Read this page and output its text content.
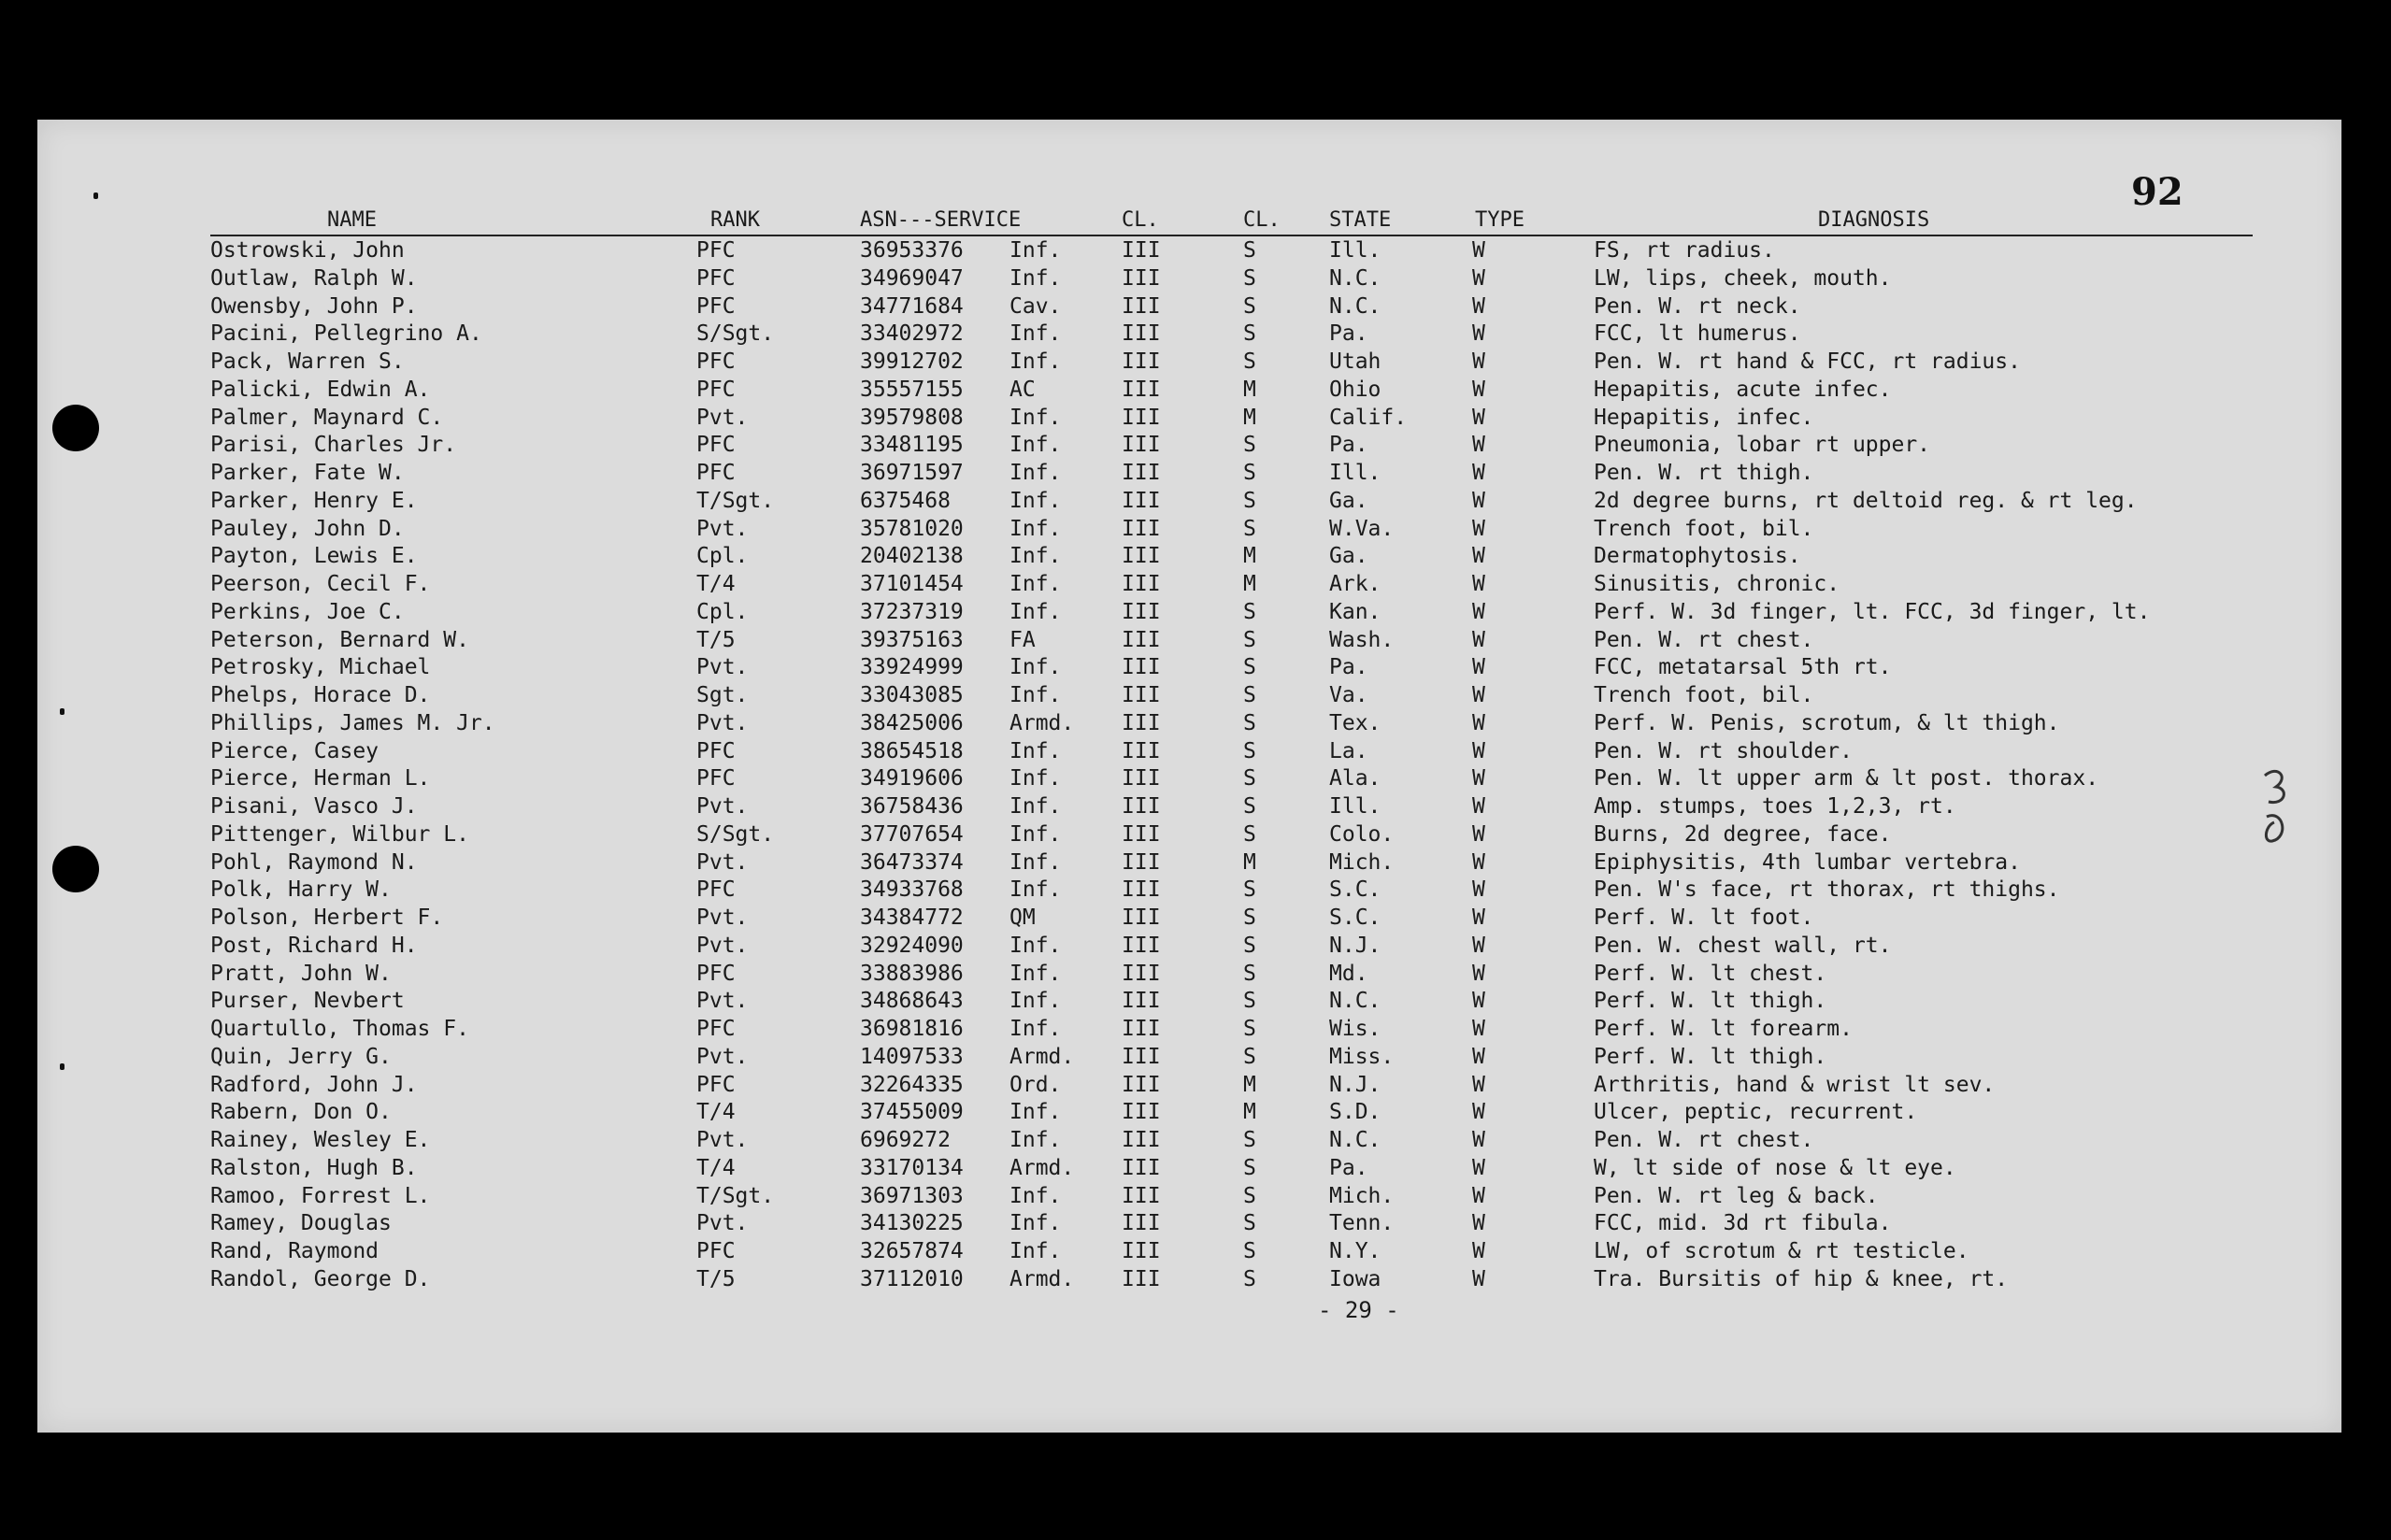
92
NAME	RANK	ASN---SERVICE	CL.	CL. STATE	TYPE	DIAGNOSIS
Ostrowski, John	PFC	36953376 Inf.	III	S	Ill.	W	FS, rt radius.
Outlaw, Ralph W.	PFC	34969047 Inf.	III	S	N.C.	W	LW, lips, cheek, mouth.
Owensby, John P.	PFC	34771684 Cav.	III	S	N.C.	W	Pen. W. rt neck.
Pacini, Pellegrino A.	S/Sgt.	33402972 Inf.	III	S	Pa.	W	FCC, lt humerus.
Pack, Warren S.	PFC	39912702 Inf.	III	S	Utah	W	Pen. W. rt hand & FCC, rt radius.
Palicki, Edwin A.	PFC	35557155 AC	III	M	Ohio	W	Hepapitis, acute infec.
Palmer, Maynard C.	Pvt.	39579808 Inf.	III	M	Calif.	W	Hepapitis, infec.
Parisi, Charles Jr.	PFC	33481195 Inf.	III	S	Pa.	W	Pneumonia, lobar rt upper.
Parker, Fate W.	PFC	36971597 Inf.	III	S	Ill.	W	Pen. W. rt thigh.
Parker, Henry E.	T/Sgt.	6375468	Inf.	III	S	Ga.	W	2d degree burns, rt deltoid reg. & rt leg.
Pauley, John D.	Pvt.	35781020 Inf.	III	S	W.Va.	W	Trench foot, bil.
Payton, Lewis E.	Cpl.	20402138 Inf.	III	M	Ga.	W	Dermatophytosis.
Peerson, Cecil F.	T/4	37101454 Inf.	III	M	Ark.	W	Sinusitis, chronic.
Perkins, Joe C.	Cpl.	37237319 Inf.	III	S	Kan.	W	Perf. W. 3d finger, lt. FCC, 3d finger, lt.
Peterson, Bernard W.	T/5	39375163 FA	III	S	Wash.	W	Pen. W. rt chest.
Petrosky, Michael	Pvt.	33924999 Inf.	III	S	Pa.	W	FCC, metatarsal 5th rt.
Phelps, Horace D.	Sgt.	33043085 Inf.	III	S	Va.	W	Trench foot, bil.
Phillips, James M. Jr.	Pvt.	38425006 Armd. III	S	Tex.	W	Perf. W. Penis, scrotum, & lt thigh.
Pierce, Casey	PFC	38654518 Inf.	III	S	La.	W	Pen. W. rt shoulder.
Pierce, Herman L.	PFC	34919606 Inf.	III	S	Ala.	W	Pen. W. lt upper arm & lt post. thorax.
Pisani, Vasco J.	Pvt.	36758436 Inf.	III	S	Ill.	W	Amp. stumps, toes 1,2,3, rt.
Pittenger, Wilbur L.	S/Sgt.	37707654 Inf.	III	S	Colo.	W	Burns, 2d degree, face.
Pohl, Raymond N.	Pvt.	36473374 Inf.	III	M	Mich.	W	Epiphysitis, 4th lumbar vertebra.
Polk, Harry W.	PFC	34933768 Inf.	III	S	S.C.	W	Pen. W's face, rt thorax, rt thighs.
Polson, Herbert F.	Pvt.	34384772 QM	III	S	S.C.	W	Perf. W. lt foot.
Post, Richard H.	Pvt.	32924090 Inf.	III	S	N.J.	W	Pen. W. chest wall, rt.
Pratt, John W.	PFC	33883986 Inf.	III	S	Md.	W	Perf. W. lt chest.
Purser, Nevbert	Pvt.	34868643 Inf.	III	S	N.C.	W	Perf. W. lt thigh.
Quartullo, Thomas F.	PFC	36981816 Inf.	III	S	Wis.	W	Perf. W. lt forearm.
Quin, Jerry G.	Pvt.	14097533 Armd. III	S	Miss.	W	Perf. W. lt thigh.
Radford, John J.	PFC	32264335 Ord.	III	M	N.J.	W	Arthritis, hand & wrist lt sev.
Rabern, Don O.	T/4	37455009 Inf.	III	M	S.D.	W	Ulcer, peptic, recurrent.
Rainey, Wesley E.	Pvt.	6969272	Inf.	III	S	N.C.	W	Pen. W. rt chest.
Ralston, Hugh B.	T/4	33170134 Armd. III	S	Pa.	W	W, lt side of nose & lt eye.
Ramoo, Forrest L.	T/Sgt.	36971303 Inf.	III	S	Mich.	W	Pen. W. rt leg & back.
Ramey, Douglas	Pvt.	34130225 Inf.	III	S	Tenn.	W	FCC, mid. 3d rt fibula.
Rand, Raymond	PFC	32657874 Inf.	III	S	N.Y.	W	LW, of scrotum & rt testicle.
Randol, George D.	T/5	37112010 Armd. III	S	Iowa	W	Tra. Bursitis of hip & knee, rt.
- 29 -
